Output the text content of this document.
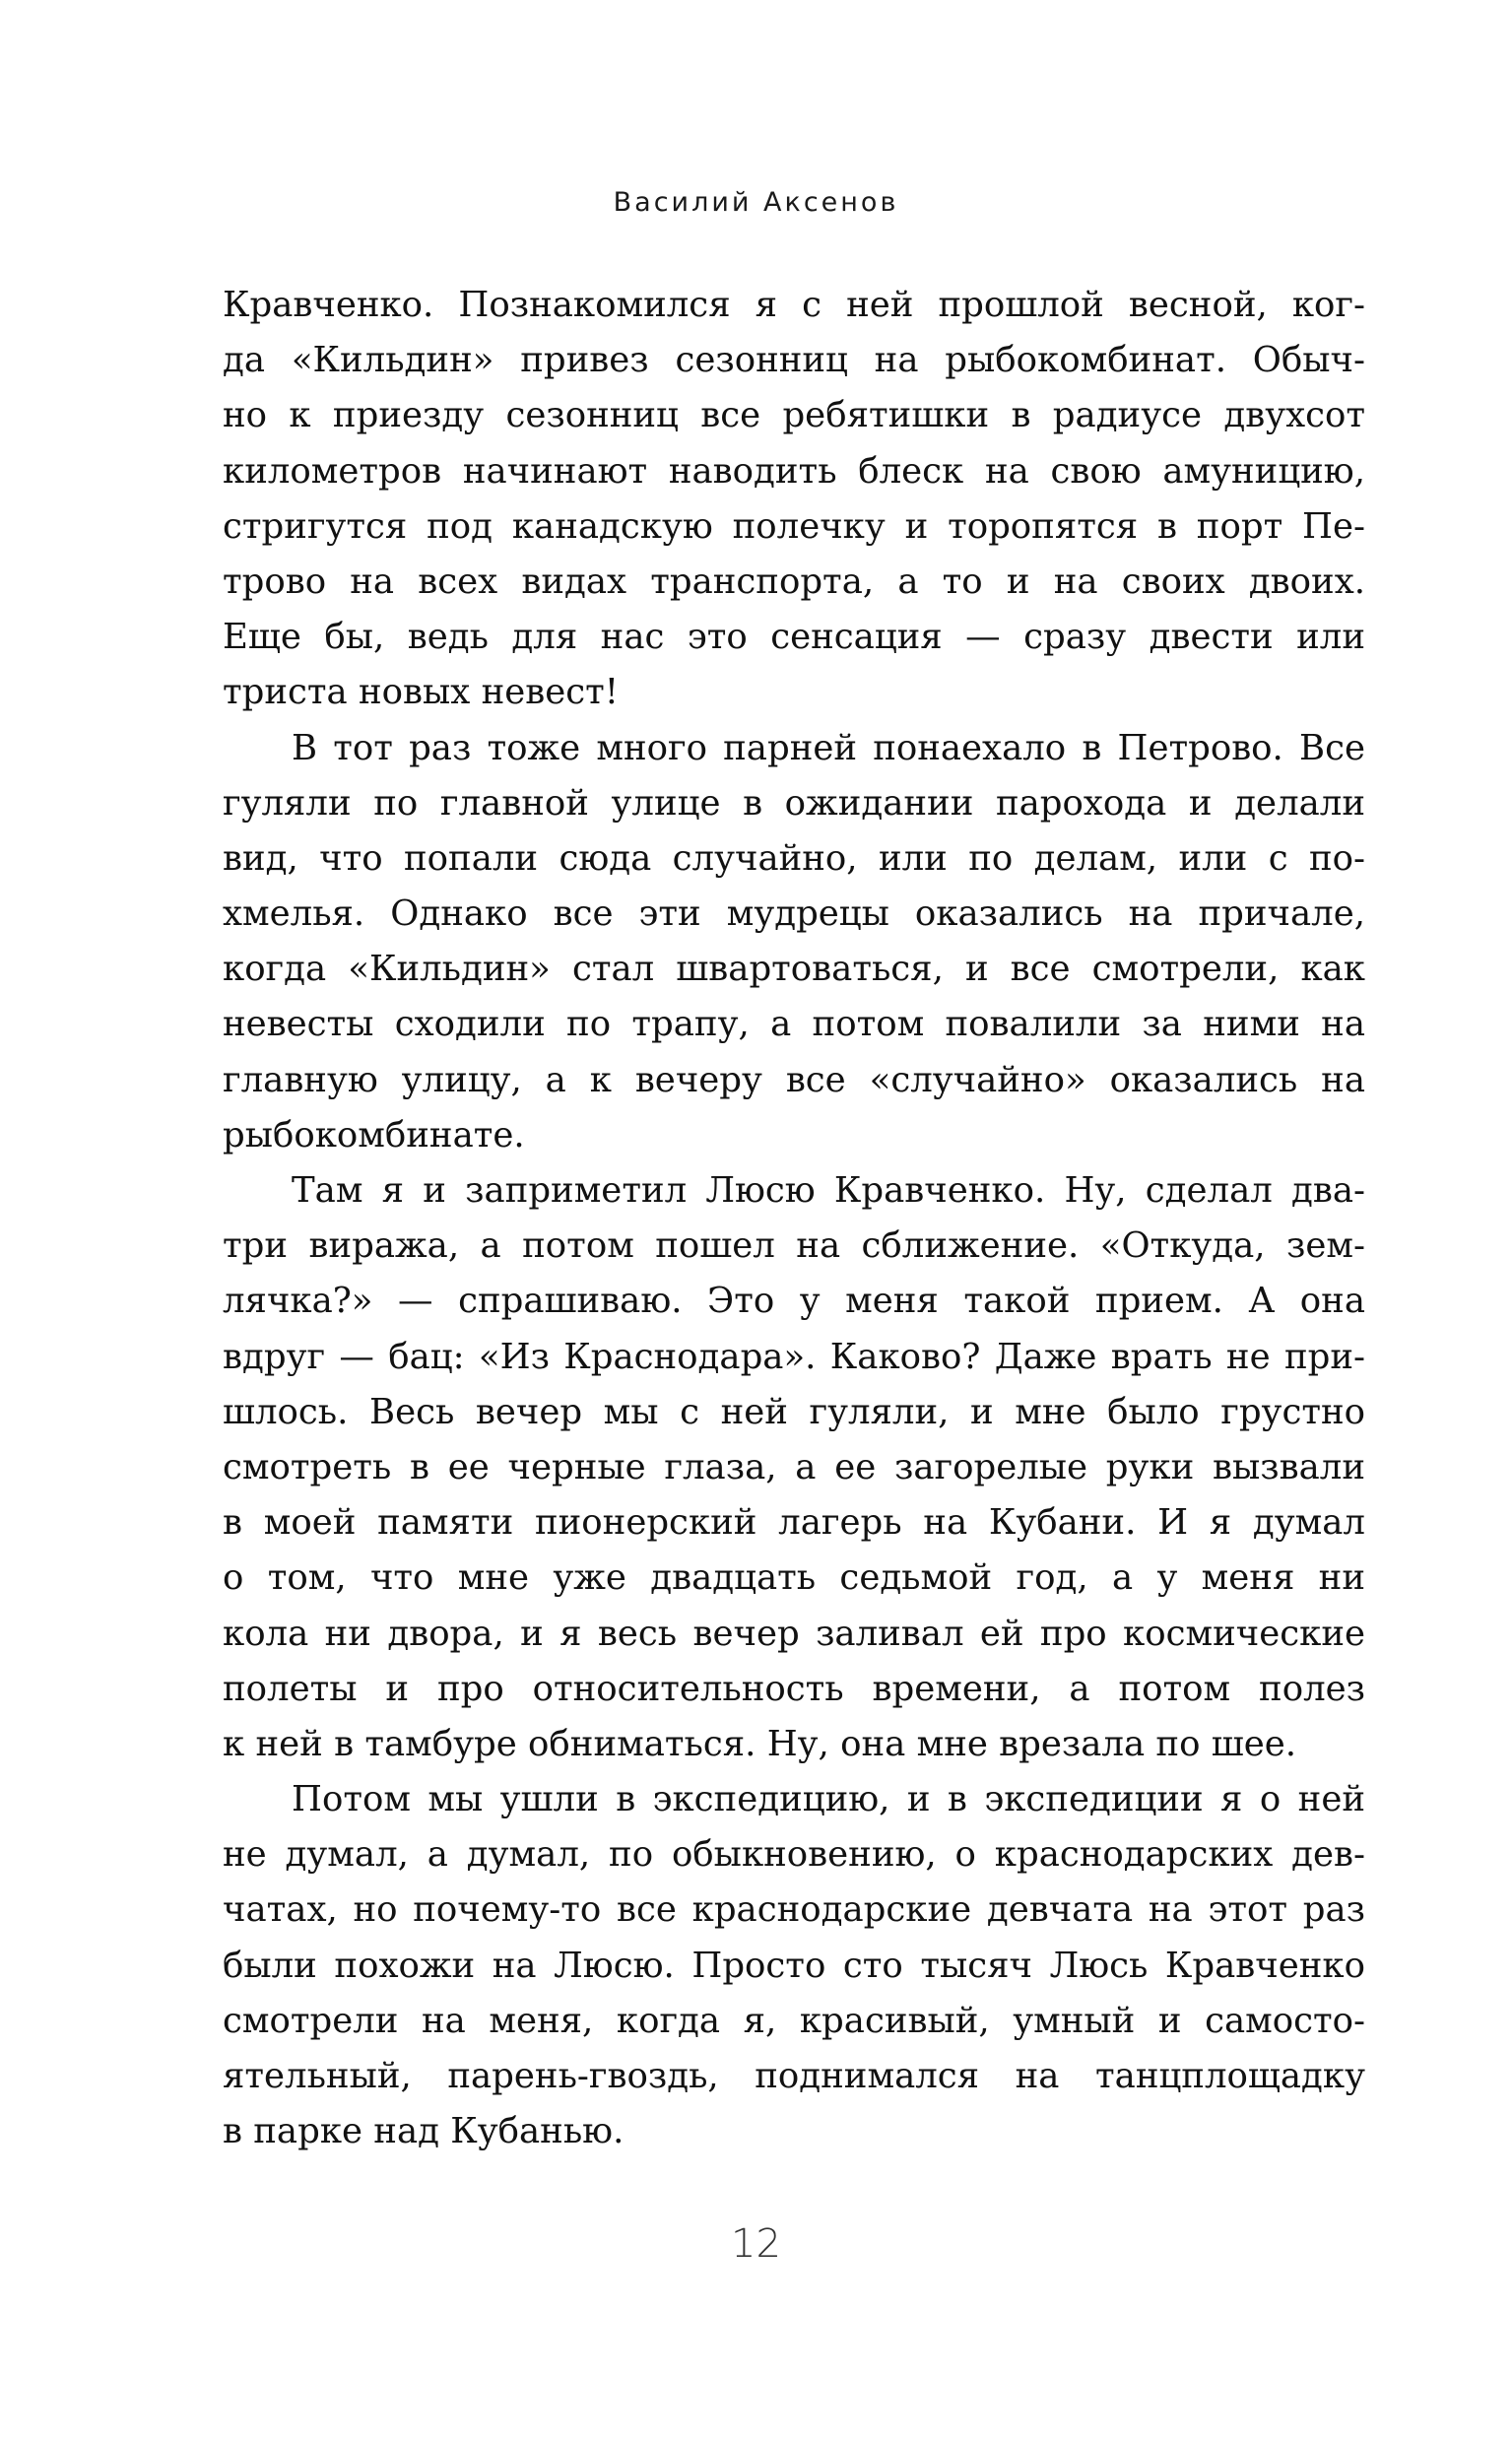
Василий Аксенов
Кравченко. Познакомился я с ней прошлой весной, ког-
да «Кильдин» привез сезонниц на рыбокомбинат. Обыч-
но к приезду сезонниц все ребятишки в радиусе двухсот
километров начинают наводить блеск на свою амуницию,
стригутся под канадскую полечку и торопятся в порт Пе-
трово на всех видах транспорта, а то и на своих двоих.
Еще бы, ведь для нас это сенсация — сразу двести или
триста новых невест!
В тот раз тоже много парней понаехало в Петрово. Все
гуляли по главной улице в ожидании парохода и делали
вид, что попали сюда случайно, или по делам, или с по-
хмелья. Однако все эти мудрецы оказались на причале,
когда «Кильдин» стал швартоваться, и все смотрели, как
невесты сходили по трапу, а потом повалили за ними на
главную улицу, а к вечеру все «случайно» оказались на
рыбокомбинате.
Там я и заприметил Люсю Кравченко. Ну, сделал два-
три виража, а потом пошел на сближение. «Откуда, зем-
лячка?» — спрашиваю. Это у меня такой прием. А она
вдруг — бац: «Из Краснодара». Каково? Даже врать не при-
шлось. Весь вечер мы с ней гуляли, и мне было грустно
смотреть в ее черные глаза, а ее загорелые руки вызвали
в моей памяти пионерский лагерь на Кубани. И я думал
о том, что мне уже двадцать седьмой год, а у меня ни
кола ни двора, и я весь вечер заливал ей про космические
полеты и про относительность времени, а потом полез
к ней в тамбуре обниматься. Ну, она мне врезала по шее.
Потом мы ушли в экспедицию, и в экспедиции я о ней
не думал, а думал, по обыкновению, о краснодарских дев-
чатах, но почему-то все краснодарские девчата на этот раз
были похожи на Люсю. Просто сто тысяч Люсь Кравченко
смотрели на меня, когда я, красивый, умный и самосто-
ятельный, парень-гвоздь, поднимался на танцплощадку
в парке над Кубанью.
12
